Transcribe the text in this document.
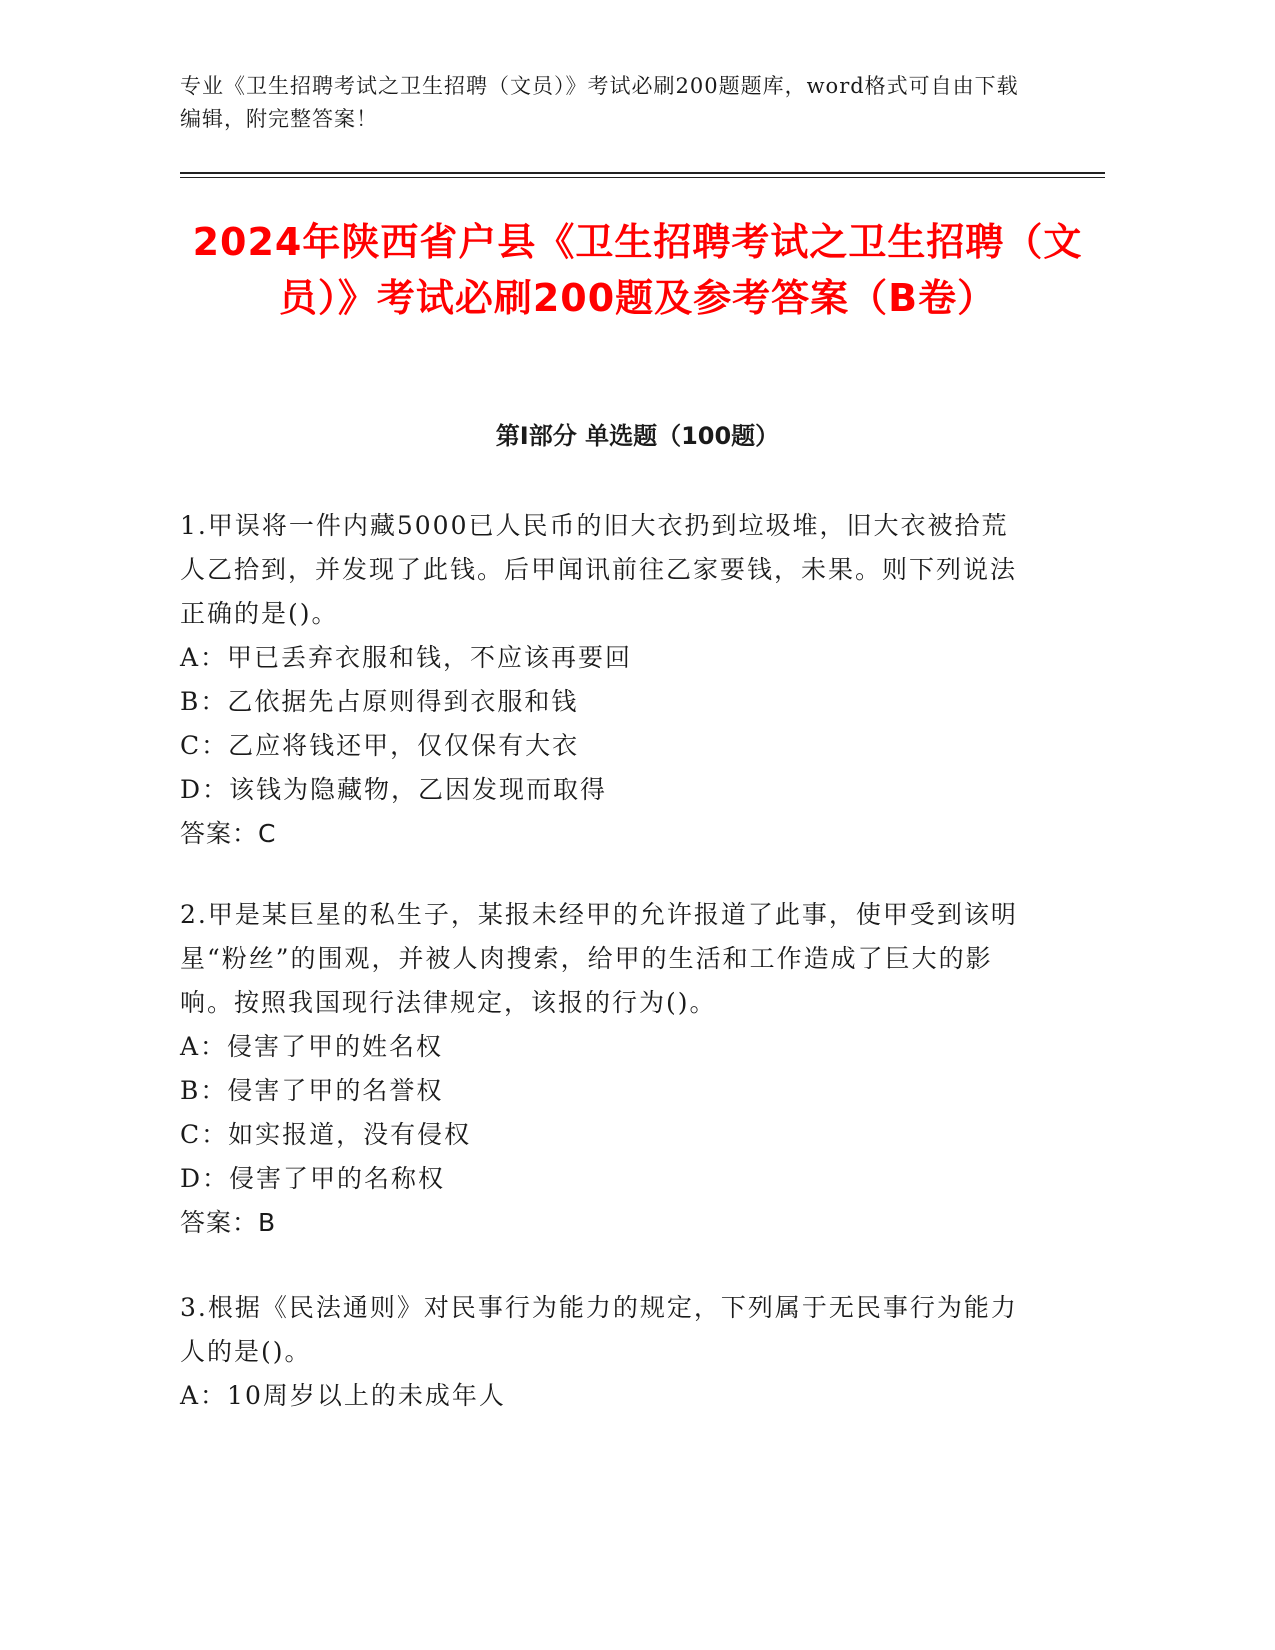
专业《卫生招聘考试之卫生招聘（文员）》考试必刷200题题库，word格式可自由下载编辑，附完整答案！
2024年陕西省户县《卫生招聘考试之卫生招聘（文员）》考试必刷200题及参考答案（B卷）
第Ⅰ部分 单选题（100题）

1.甲误将一件内藏5000已人民币的旧大衣扔到垃圾堆，旧大衣被拾荒人乙拾到，并发现了此钱。后甲闻讯前往乙家要钱，未果。则下列说法正确的是()。

A：甲已丢弃衣服和钱，不应该再要回

B：乙依据先占原则得到衣服和钱

C：乙应将钱还甲，仅仅保有大衣

D：该钱为隐藏物，乙因发现而取得

答案：C

2.甲是某巨星的私生子，某报未经甲的允许报道了此事，使甲受到该明星“粉丝”的围观，并被人肉搜索，给甲的生活和工作造成了巨大的影响。按照我国现行法律规定，该报的行为()。

A：侵害了甲的姓名权

B：侵害了甲的名誉权

C：如实报道，没有侵权

D：侵害了甲的名称权

答案：B

3.根据《民法通则》对民事行为能力的规定，下列属于无民事行为能力人的是()。

A：10周岁以上的未成年人
